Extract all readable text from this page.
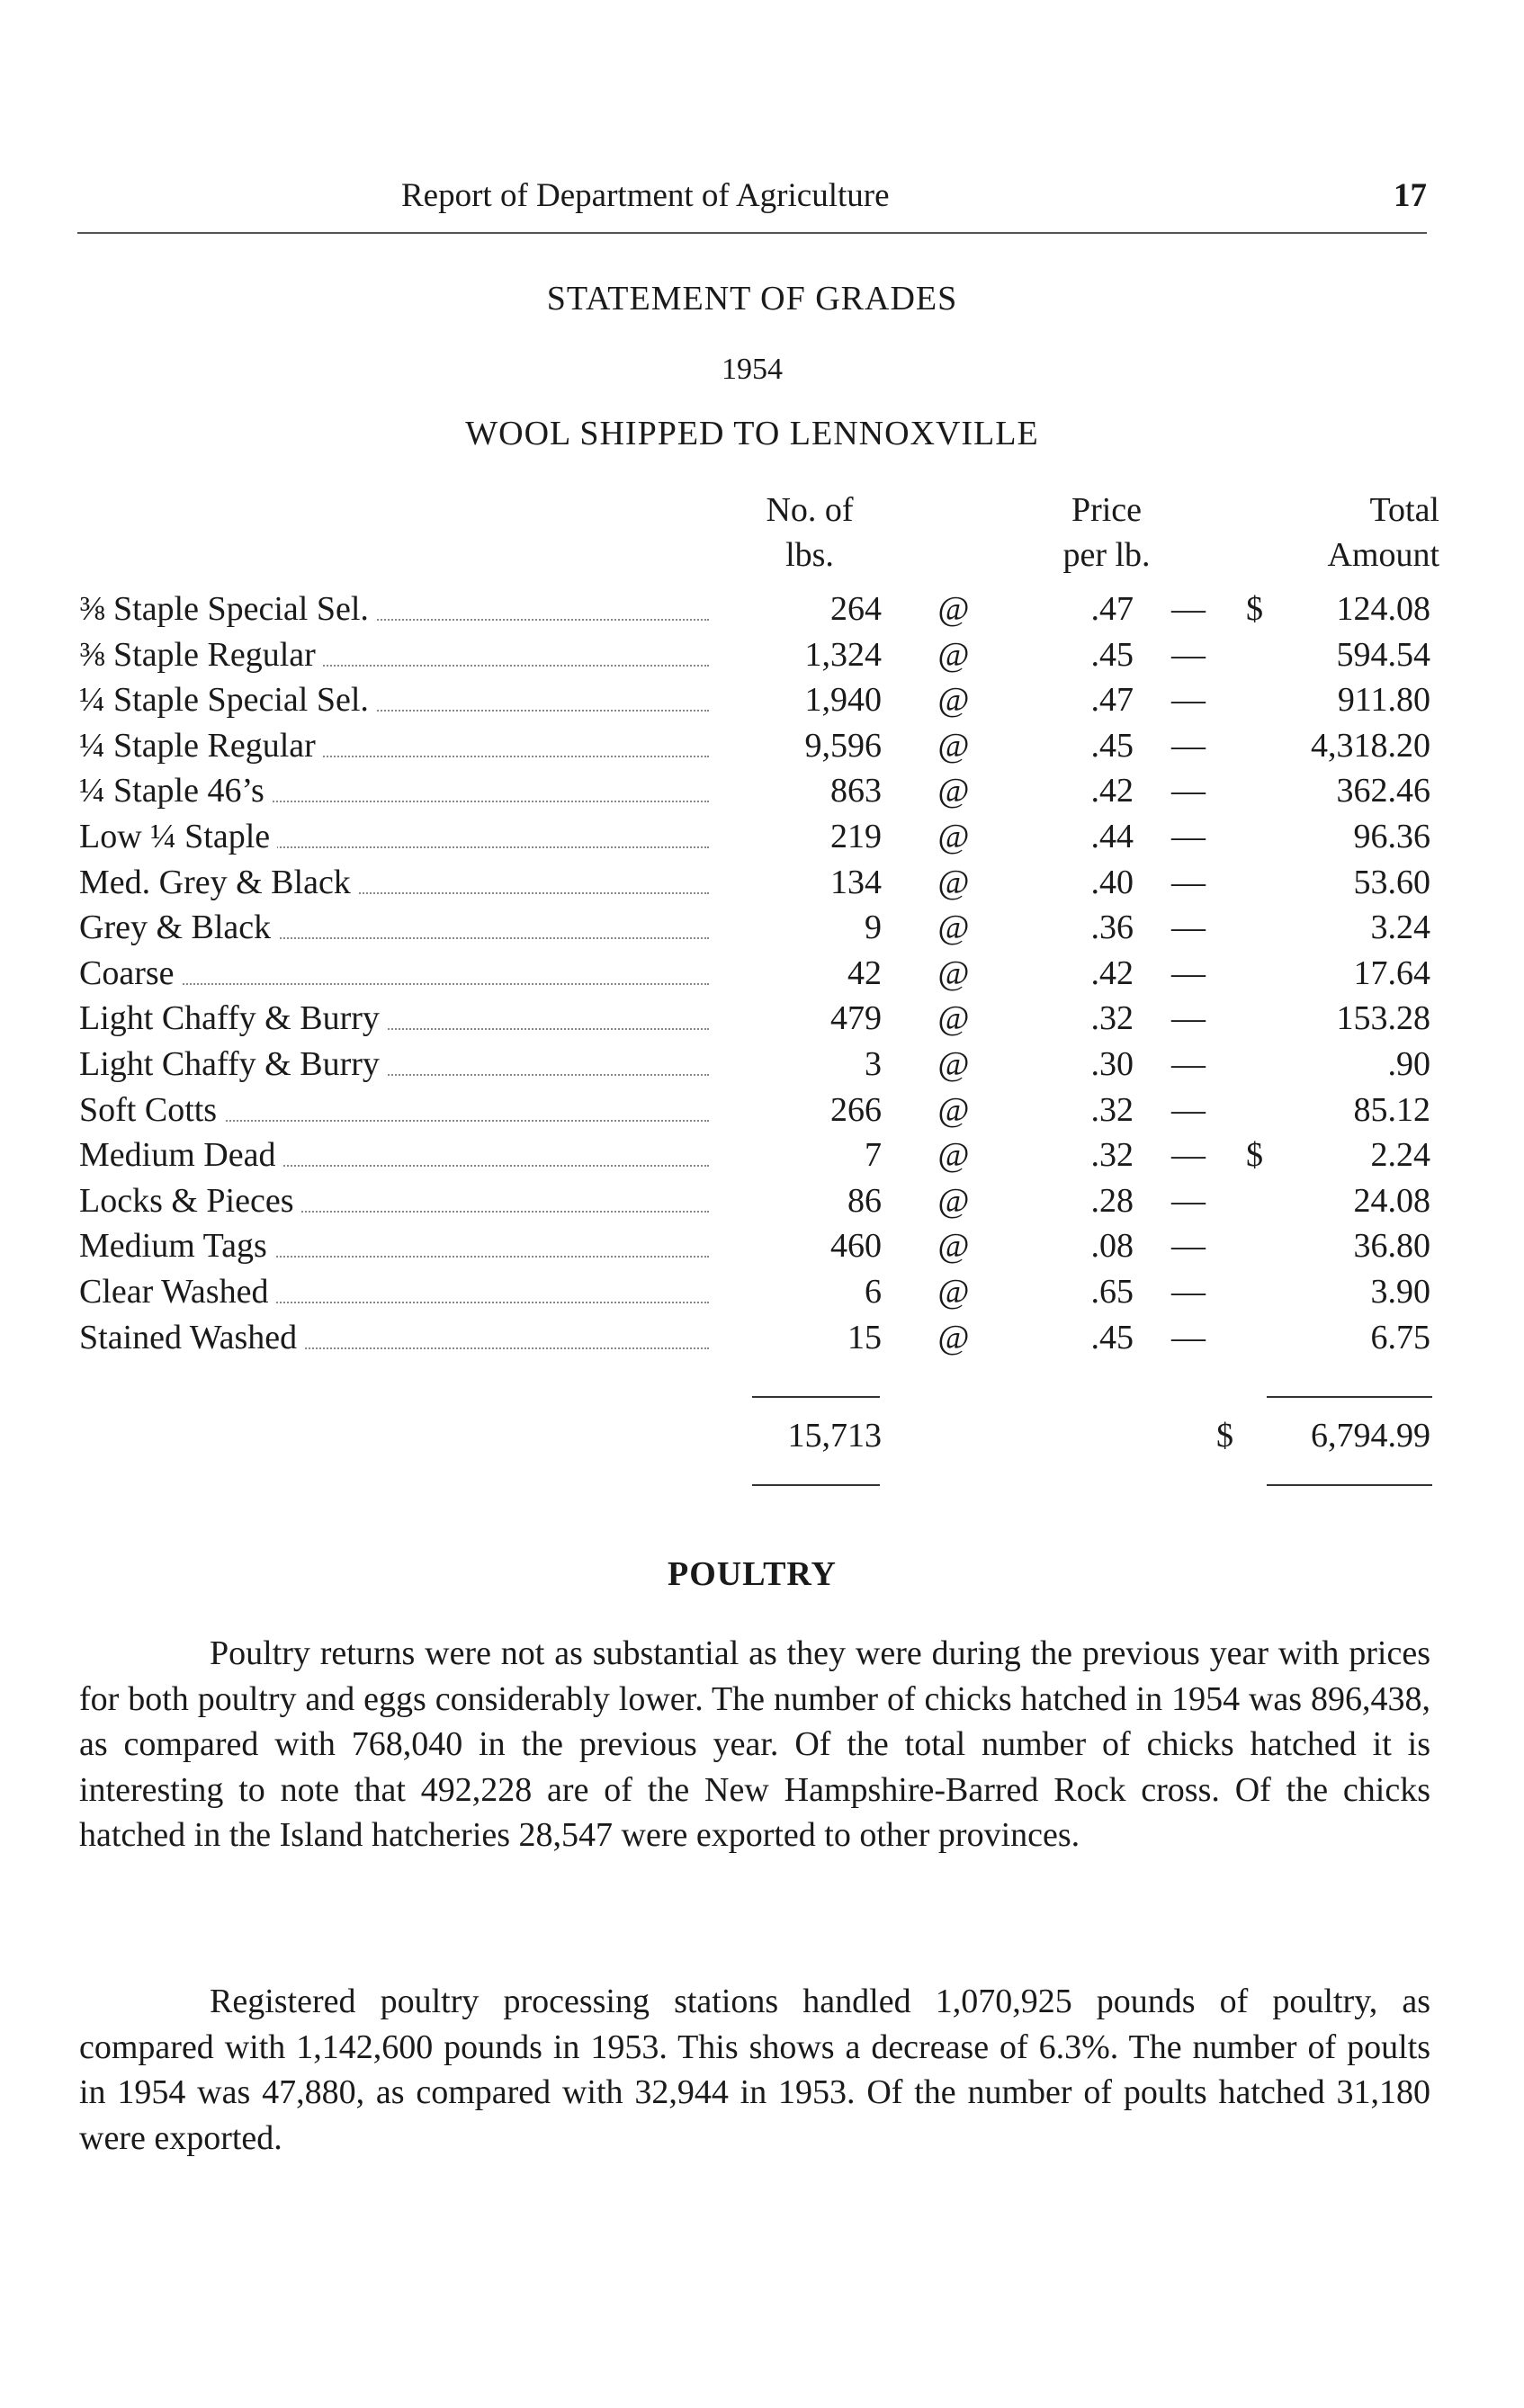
Report of Department of Agriculture	17
STATEMENT OF GRADES
1954
WOOL SHIPPED TO LENNOXVILLE
No. of
lbs.
Price
per lb.
Total
Amount
⅜ Staple Special Sel.	264	@	.47 — $	124.08
⅜ Staple Regular	1,324	@	.45 —	594.54
¼ Staple Special Sel.	1,940	@	.47 —	911.80
¼ Staple Regular	9,596	@	.45 —	4,318.20
¼ Staple 46’s	863	@	.42 —	362.46
Low ¼ Staple	219	@	.44 —	96.36
Med. Grey & Black	134	@	.40 —	53.60
Grey & Black	9	@	.36 —	3.24
Coarse	42	@	.42 —	17.64
Light Chaffy & Burry	479	@	.32 —	153.28
Light Chaffy & Burry	3	@	.30 —	.90
Soft Cotts	266	@	.32 —	85.12
Medium Dead	7	@	.32 — $	2.24
Locks & Pieces	86	@	.28 —	24.08
Medium Tags	460	@	.08 —	36.80
Clear Washed	6	@	.65 —	3.90
Stained Washed	15	@	.45 —	6.75
15,713	$	6,794.99
POULTRY

Poultry returns were not as substantial as they were during the previous year with prices for both poultry and eggs considerably lower. The number of chicks hatched in 1954 was 896,438, as compared with 768,040 in the previous year. Of the total number of chicks hatched it is interesting to note that 492,228 are of the New Hampshire-Barred Rock cross. Of the chicks hatched in the Island hatcheries 28,547 were exported to other provinces.

Registered poultry processing stations handled 1,070,925 pounds of poultry, as compared with 1,142,600 pounds in 1953. This shows a decrease of 6.3%. The number of poults in 1954 was 47,880, as compared with 32,944 in 1953. Of the number of poults hatched 31,180 were exported.
